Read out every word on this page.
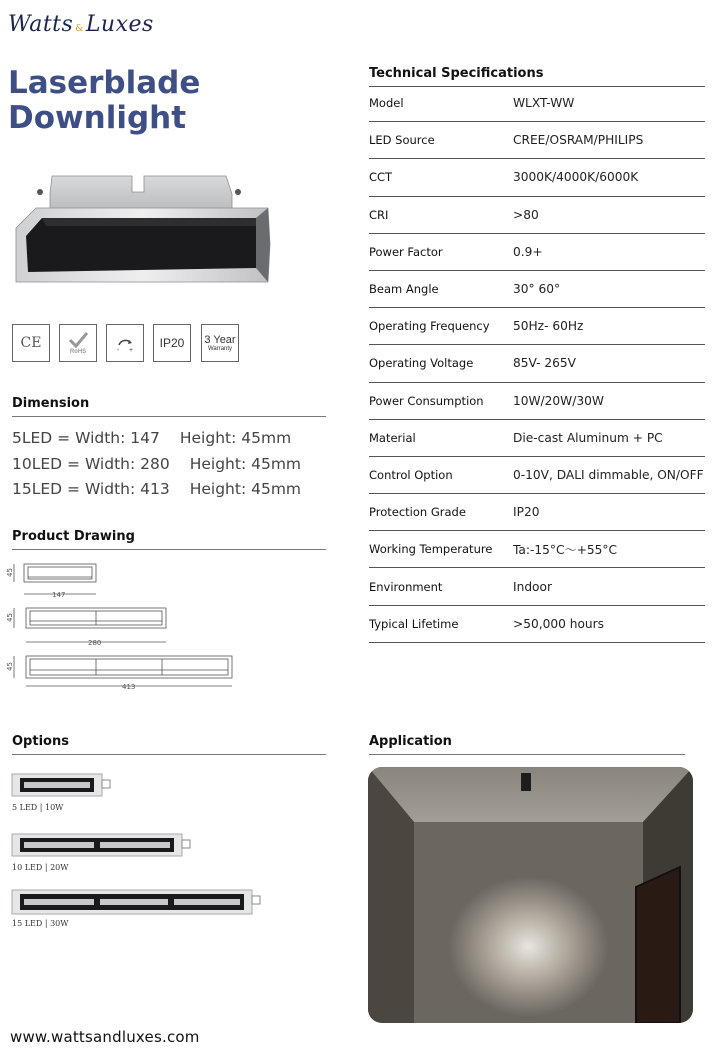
Watts &Luxes
Laserblade
Downlight
CE
RoHS	- +
IP20 3 Year
Warranty
Dimension
5LED = Width: 147 Height: 45mm
10LED = Width: 280 Height: 45mm
15LED = Width: 413 Height: 45mm
Product Drawing
45
147
45
280
45
413
Options
5 LED | 10W
10 LED | 20W
15 LED | 30W
Technical Specifications
Model	WLXT-WW
LED Source	CREE/OSRAM/PHILIPS
CCT	3000K/4000K/6000K
CRI	>80
Power Factor	0.9+
Beam Angle	30° 60°
Operating Frequency	50Hz- 60Hz
Operating Voltage	85V- 265V
Power Consumption	10W/20W/30W
Material	Die-cast Aluminum + PC
Control Option	0-10V, DALI dimmable, ON/OFF
Protection Grade	IP20
Working Temperature	Ta:-15°C～+55°C
Environment	Indoor
Typical Lifetime	>50,000 hours
Application
www.wattsandluxes.com
